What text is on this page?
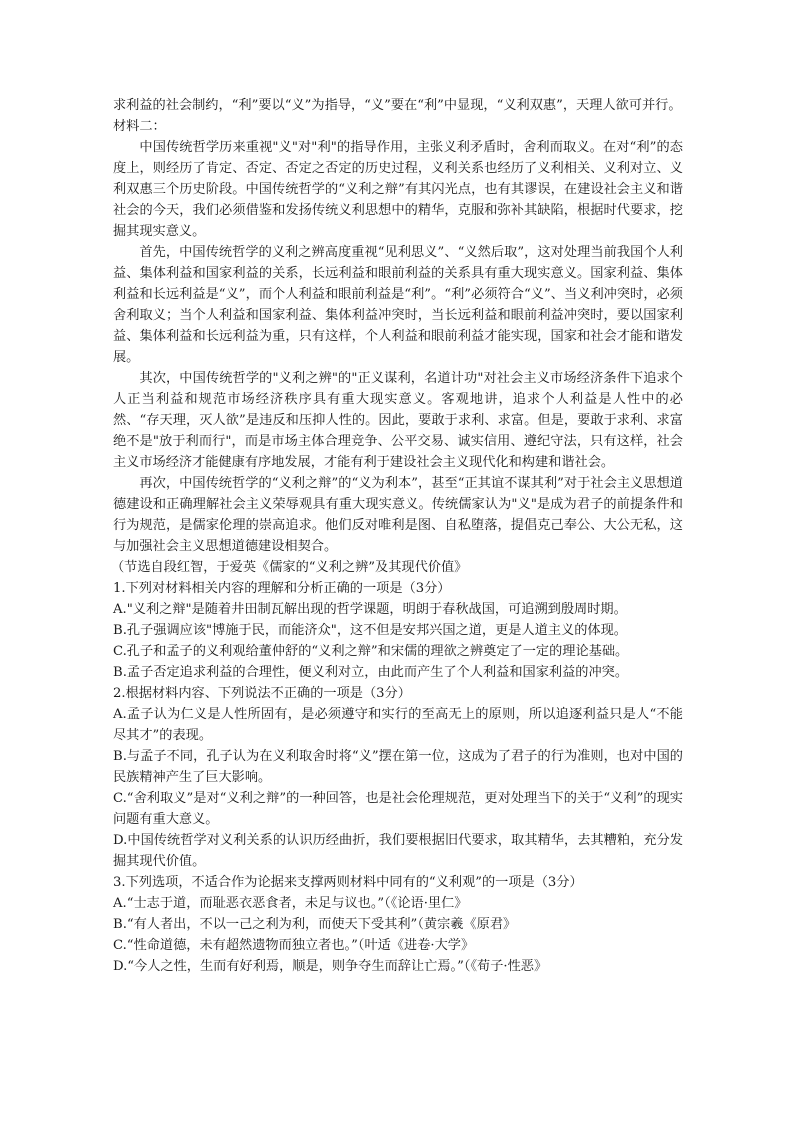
求利益的社会制约，“利”要以“义”为指导，“义”要在“利”中显现，“义利双惠”，天理人欲可并行。

材料二：

中国传统哲学历来重视"义"对"利"的指导作用，主张义利矛盾时，舍利而取义。在对“利”的态度上，则经历了肯定、否定、否定之否定的历史过程，义利关系也经历了义利相关、义利对立、义利双惠三个历史阶段。中国传统哲学的“义利之辩”有其闪光点，也有其谬误，在建设社会主义和谐社会的今天，我们必须借鉴和发扬传统义利思想中的精华，克服和弥补其缺陷，根据时代要求，挖掘其现实意义。

首先，中国传统哲学的义利之辨高度重视“见利思义”、“义然后取”，这对处理当前我国个人利益、集体利益和国家利益的关系，长远利益和眼前利益的关系具有重大现实意义。国家利益、集体利益和长远利益是“义”，而个人利益和眼前利益是“利”。“利”必须符合“义”、当义利冲突时，必须舍利取义；当个人利益和国家利益、集体利益冲突时，当长远利益和眼前利益冲突时，要以国家利益、集体利益和长远利益为重，只有这样，个人利益和眼前利益才能实现，国家和社会才能和谐发展。

其次，中国传统哲学的"义利之辨"的"正义谋利，名道计功"对社会主义市场经济条件下追求个人正当利益和规范市场经济秩序具有重大现实意义。客观地讲，追求个人利益是人性中的必然、“存天理，灭人欲”是违反和压抑人性的。因此，要敢于求利、求富。但是，要敢于求利、求富绝不是"放于利而行"，而是市场主体合理竞争、公平交易、诚实信用、遵纪守法，只有这样，社会主义市场经济才能健康有序地发展，才能有利于建设社会主义现代化和构建和谐社会。

再次，中国传统哲学的“义利之辩”的“义为利本”，甚至“正其谊不谋其利”对于社会主义思想道德建设和正确理解社会主义荣辱观具有重大现实意义。传统儒家认为"义"是成为君子的前提条件和行为规范，是儒家伦理的崇高追求。他们反对唯利是图、自私堕落，提倡克己奉公、大公无私，这与加强社会主义思想道德建设相契合。

（节选自段红智，于爱英《儒家的“义利之辨”及其现代价值》

1.下列对材料相关内容的理解和分析正确的一项是（3分）

A."义利之辩"是随着井田制瓦解出现的哲学课题，明朗于春秋战国，可追溯到殷周时期。

B.孔子强调应该"博施于民，而能济众"，这不但是安邦兴国之道，更是人道主义的体现。

C.孔子和孟子的义利观给董仲舒的“义利之辩”和宋儒的理欲之辨奠定了一定的理论基础。

B.孟子否定追求利益的合理性，便义利对立，由此而产生了个人利益和国家利益的冲突。

2.根据材料内容、下列说法不正确的一项是（3分）

A.孟子认为仁义是人性所固有，是必须遵守和实行的至高无上的原则，所以追逐利益只是人“不能尽其才”的表现。

B.与孟子不同，孔子认为在义利取舍时将“义”摆在第一位，这成为了君子的行为准则，也对中国的民族精神产生了巨大影响。

C.“舍利取义”是对“义利之辩”的一种回答，也是社会伦理规范，更对处理当下的关于“义利”的现实问题有重大意义。

D.中国传统哲学对义利关系的认识历经曲折，我们要根据旧代要求，取其精华，去其糟粕，充分发掘其现代价值。

3.下列选项，不适合作为论据来支撑两则材料中同有的“义利观”的一项是（3分）

A.“士志于道，而耻恶衣恶食者，未足与议也。”（《论语·里仁》

B.“有人者出，不以一己之利为利，而使天下受其利”（黄宗羲《原君》

C.“性命道德，未有超然遗物而独立者也。”（叶适《进卷·大学》

D.“今人之性，生而有好利焉，顺是，则争夺生而辞让亡焉。”（《荀子·性恶》
